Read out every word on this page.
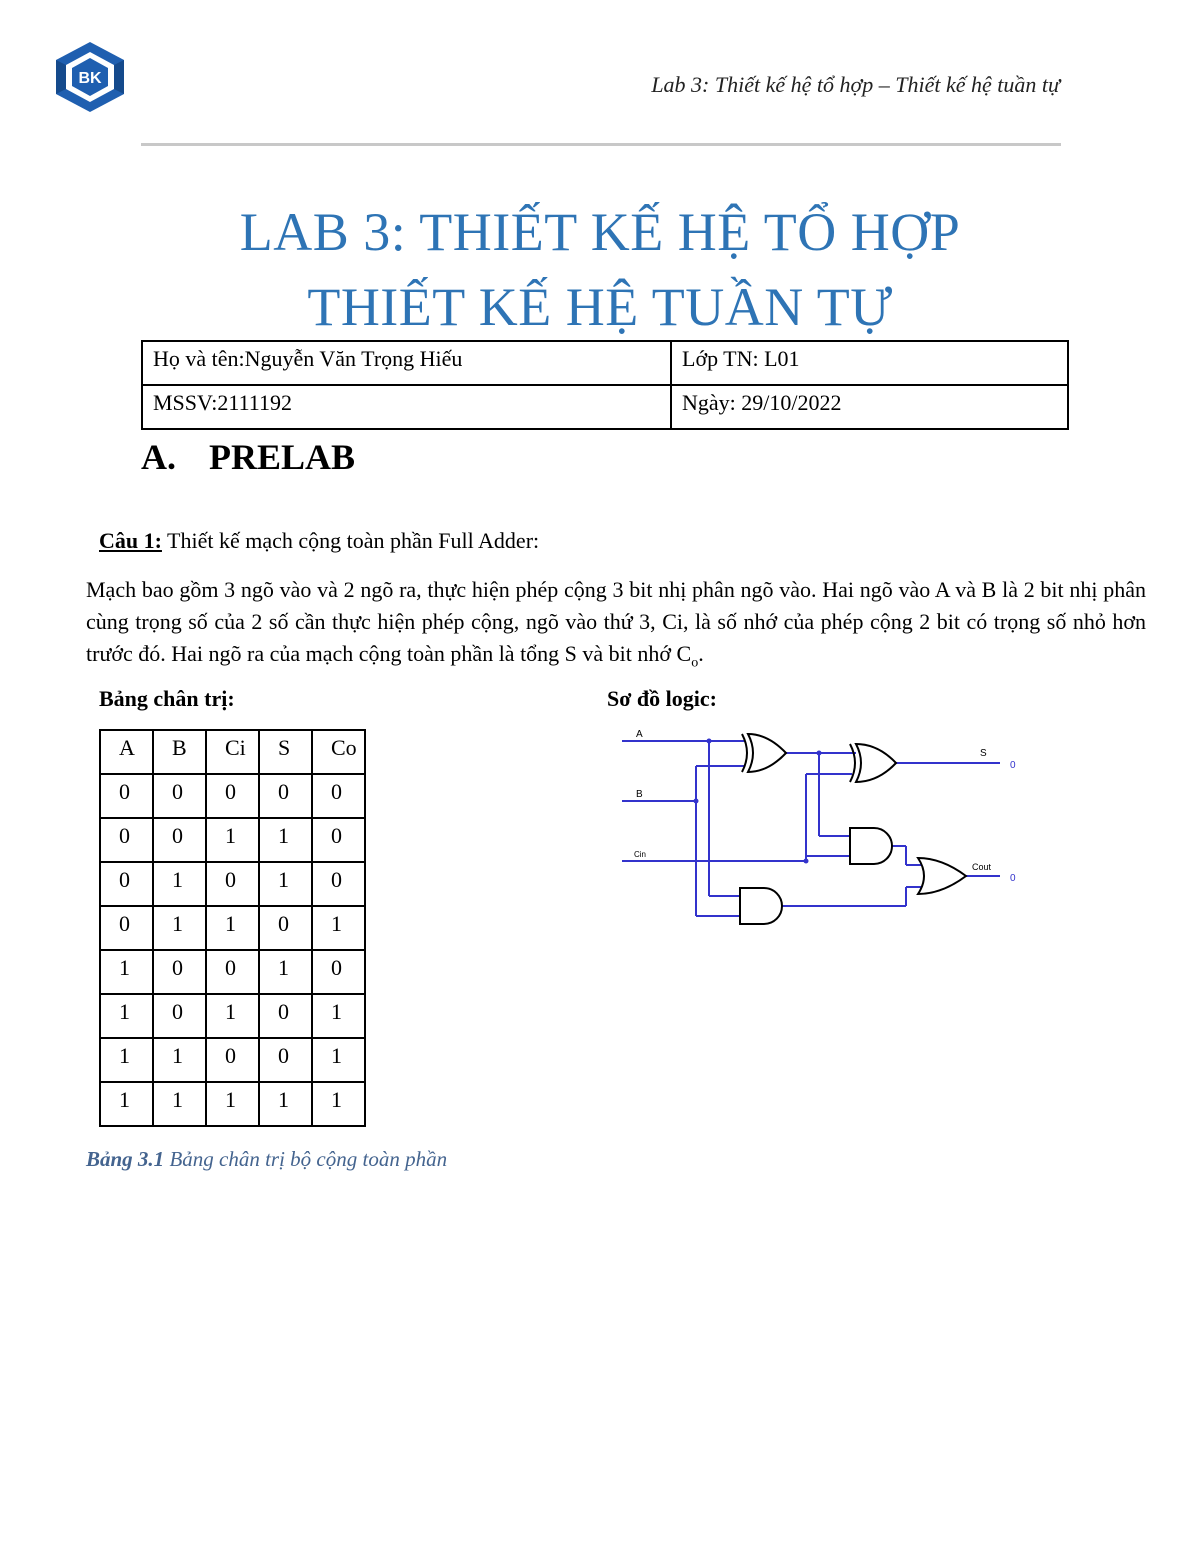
BK	Lab 3: Thiết kế hệ tổ hợp – Thiết kế hệ tuần tự
LAB 3: THIẾT KẾ HỆ TỔ HỢP
THIẾT KẾ HỆ TUẦN TỰ
Họ và tên:Nguyễn Văn Trọng Hiếu	Lớp TN: L01
MSSV:2111192	Ngày: 29/10/2022
A. PRELAB
Câu 1: Thiết kế mạch cộng toàn phần Full Adder:
Mạch bao gồm 3 ngõ vào và 2 ngõ ra, thực hiện phép cộng 3 bit nhị phân ngõ vào. Hai ngõ vào A và B là 2 bit nhị phân cùng trọng số của 2 số cần thực hiện phép cộng, ngõ vào thứ 3, Ci, là số nhớ của phép cộng 2 bit có trọng số nhỏ hơn trước đó. Hai ngõ ra của mạch cộng toàn phần là tổng S và bit nhớ $C_o$.
Bảng chân trị:	Sơ đồ logic:
A	B	Ci	S	Co
0	0	0	0	0
0	0	1	1	0
0	1	0	1	0
0	1	1	0	1
1	0	0	1	0
1	0	1	0	1
1	1	0	0	1
1	1	1	1	1
Bảng 3.1 Bảng chân trị bộ cộng toàn phần
A
B
Cin
S
Cout
0
0
